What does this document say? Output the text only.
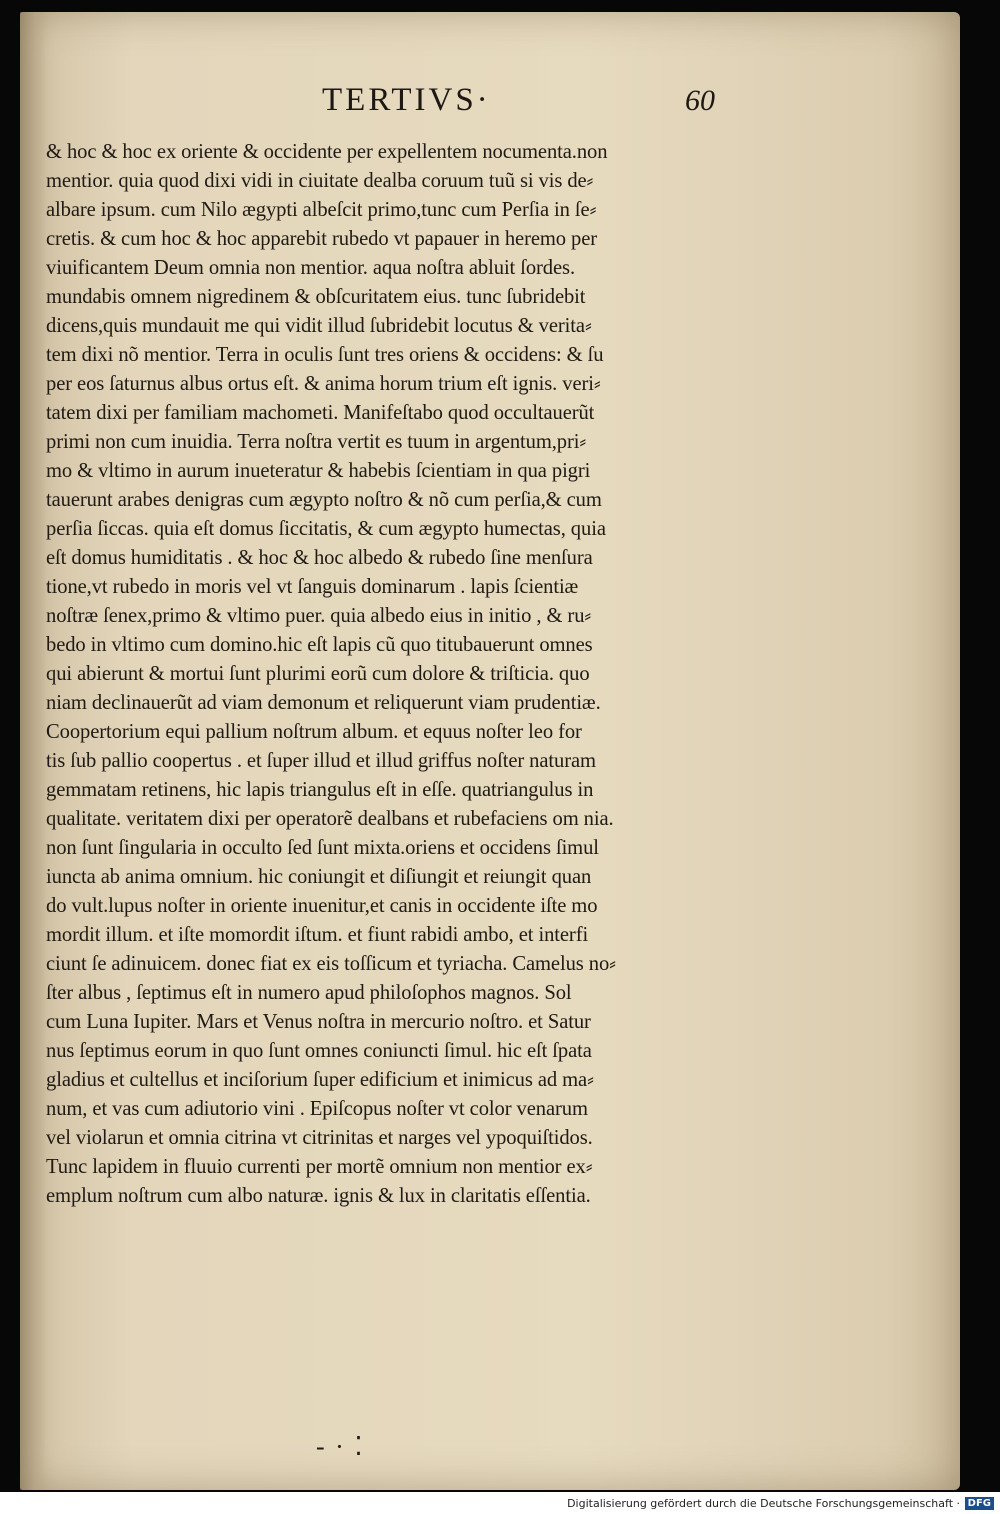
TERTIVS·	60
& hoc & hoc ex oriente & occidente per expellentem nocumenta.non
mentior. quia quod dixi vidi in ciuitate dealba coruum tuũ si vis de⸗
albare ipsum. cum Nilo ægypti albeſcit primo,tunc cum Perſia in ſe⸗
cretis. & cum hoc & hoc apparebit rubedo vt papauer in heremo per
viuificantem Deum omnia non mentior. aqua noſtra abluit ſordes.
mundabis omnem nigredinem & obſcuritatem eius. tunc ſubridebit
dicens,quis mundauit me qui vidit illud ſubridebit locutus & verita⸗
tem dixi nõ mentior. Terra in oculis ſunt tres oriens & occidens: & ſu
per eos ſaturnus albus ortus eſt. & anima horum trium eſt ignis. veri⸗
tatem dixi per familiam machometi. Manifeſtabo quod occultauerũt
primi non cum inuidia. Terra noſtra vertit es tuum in argentum,pri⸗
mo & vltimo in aurum inueteratur & habebis ſcientiam in qua pigri
tauerunt arabes denigras cum ægypto noſtro & nõ cum perſia,& cum
perſia ſiccas. quia eſt domus ſiccitatis, & cum ægypto humectas, quia
eſt domus humiditatis . & hoc & hoc albedo & rubedo ſine menſura
tione,vt rubedo in moris vel vt ſanguis dominarum . lapis ſcientiæ
noſtræ ſenex,primo & vltimo puer. quia albedo eius in initio , & ru⸗
bedo in vltimo cum domino.hic eſt lapis cũ quo titubauerunt omnes
qui abierunt & mortui ſunt plurimi eorũ cum dolore & triſticia. quo
niam declinauerũt ad viam demonum et reliquerunt viam prudentiæ.
Coopertorium equi pallium noſtrum album. et equus noſter leo for
tis ſub pallio coopertus . et ſuper illud et illud griffus noſter naturam
gemmatam retinens, hic lapis triangulus eſt in eſſe. quatriangulus in
qualitate. veritatem dixi per operatorẽ dealbans et rubefaciens om nia.
non ſunt ſingularia in occulto ſed ſunt mixta.oriens et occidens ſimul
iuncta ab anima omnium. hic coniungit et diſiungit et reiungit quan
do vult.lupus noſter in oriente inuenitur,et canis in occidente iſte mo
mordit illum. et iſte momordit iſtum. et fiunt rabidi ambo, et interfi
ciunt ſe adinuicem. donec fiat ex eis toſſicum et tyriacha. Camelus no⸗
ſter albus , ſeptimus eſt in numero apud philoſophos magnos. Sol
cum Luna Iupiter. Mars et Venus noſtra in mercurio noſtro. et Satur
nus ſeptimus eorum in quo ſunt omnes coniuncti ſimul. hic eſt ſpata
gladius et cultellus et inciſorium ſuper edificium et inimicus ad ma⸗
num, et vas cum adiutorio vini . Epiſcopus noſter vt color venarum
vel violarun et omnia citrina vt citrinitas et narges vel ypoquiſtidos.
Tunc lapidem in fluuio currenti per mortẽ omnium non mentior ex⸗
emplum noſtrum cum albo naturæ. ignis & lux in claritatis eſſentia.
‐ · ⁚
Digitalisierung gefördert durch die Deutsche Forschungsgemeinschaft · DFG
